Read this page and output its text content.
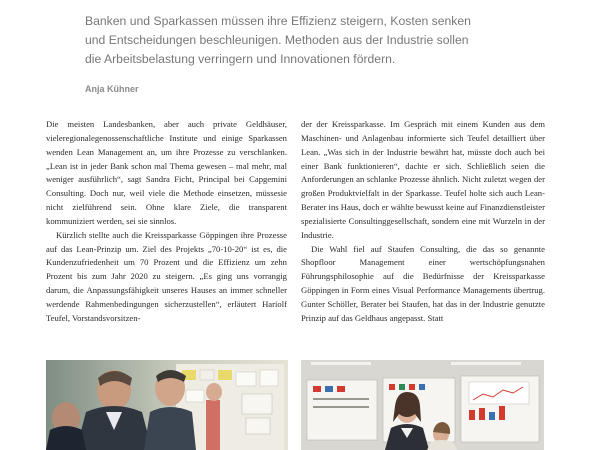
Banken und Sparkassen müssen ihre Effizienz steigern, Kosten senken
und Entscheidungen beschleunigen. Methoden aus der Industrie sollen
die Arbeitsbelastung verringern und Innovationen fördern.
Anja Kühner

Die meisten Landesbanken, aber auch private Geldhäuser, vieleregionalegenossenschaftliche Institute und einige Sparkassen wenden Lean Management an, um ihre Prozesse zu verschlanken. „Lean ist in jeder Bank schon mal Thema gewesen – mal mehr, mal weniger ausführlich“, sagt Sandra Ficht, Principal bei Capgemini Consulting. Doch nur, weil viele die Methode einsetzen, müssesie nicht zielführend sein. Ohne klare Ziele, die transparent kommuniziert werden, sei sie sinnlos.

Kürzlich stellte auch die Kreissparkasse Göppingen ihre Prozesse auf das Lean-Prinzip um. Ziel des Projekts „70-10-20“ ist es, die Kundenzufriedenheit um 70 Prozent und die Effizienz um zehn Prozent bis zum Jahr 2020 zu steigern. „Es ging uns vorrangig darum, die Anpassungsfähigkeit unseres Hauses an immer schneller werdende Rahmenbedingungen sicherzustellen“, erläutert Hariolf Teufel, Vorstandsvorsitzen-

der der Kreissparkasse. Im Gespräch mit einem Kunden aus dem Maschinen- und Anlagenbau informierte sich Teufel detailliert über Lean. „Was sich in der Industrie bewährt hat, müsste doch auch bei einer Bank funktionieren“, dachte er sich. Schließlich seien die Anforderungen an schlanke Prozesse ähnlich. Nicht zuletzt wegen der großen Produktvielfalt in der Sparkasse. Teufel holte sich auch Lean-Berater ins Haus, doch er wählte bewusst keine auf Finanzdienstleister spezialisierte Consultinggesellschaft, sondern eine mit Wurzeln in der Industrie.

Die Wahl fiel auf Staufen Consulting, die das so genannte Shopfloor Management einer wertschöpfungsnahen Führungsphilosophie auf die Bedürfnisse der Kreissparkasse Göppingen in Form eines Visual Performance Managements übertrug. Gunter Schöller, Berater bei Staufen, hat das in der Industrie genutzte Prinzip auf das Geldhaus angepasst. Statt
